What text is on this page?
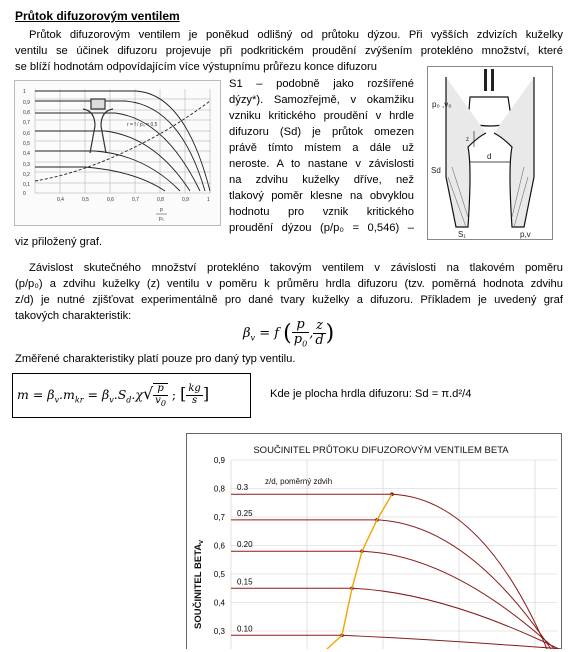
Průtok difuzorovým ventilem
Průtok difuzorovým ventilem je poněkud odlišný od průtoku dýzou. Při vyšších zdvizích kuželky
ventilu se účinek difuzoru projevuje při podkritickém proudění zvýšením protekléno množství, které
se blíží hodnotám odpovídajícím více výstupnímu průřezu konce difuzoru
S1 – podobně jako rozšířené
dýzy*). Samozřejmě, v okamžiku
vzniku kritického proudění v hrdle
difuzoru (Sd) je průtok omezen
právě tímto místem a dále už
neroste. A to nastane v závislosti
na zdvihu kuželky dříve, než
tlakový poměr klesne na obvyklou
hodnotu pro vznik kritického
proudění dýzou (p/p₀ = 0,546) –
viz přiložený graf.
1
0,9
0,8
0,7
0,6
0,5
0,4
0,3
0,2
0,1
0
0,4	0,5	0,6	0,7	0,8	0,9	1
r = f / p₀ = 0,5
p
p₀
p₀ ,v₀
Sd
d
S₁	p,v
z
Závislost skutečného množství protekléno takovým ventilem v závislosti na tlakovém poměru
(p/p₀) a zdvihu kuželky (z) ventilu v poměru k průměru hrdla difuzoru (tzv. poměrná hodnota zdvihu
z/d) je nutné zjišťovat experimentálně pro dané tvary kuželky a difuzoru. Příkladem je uvedený graf
takových charakteristik:
$\beta_v = f$ ( $\frac{p}{p_0}$ , $\frac{z}{d}$ )
Změřené charakteristiky platí pouze pro daný typ ventilu.
$m = \beta_v.m_{kr} = \beta_v.S_d.\chi√ \frac{p}{v_0}$ ; [ $\frac{kg}{s}$ ]	Kde je plocha hrdla difuzoru: Sd = π.d²/4
SOUČINITEL PRŮTOKU DIFUZOROVÝM VENTILEM BETA
0,9
0,8
0,7
0,6
0,5
0,4
0,3
0.3
0.25
0.20
0.15
0.10
z/d, poměrný zdvih
SOUČINITEL $BETA_v$
